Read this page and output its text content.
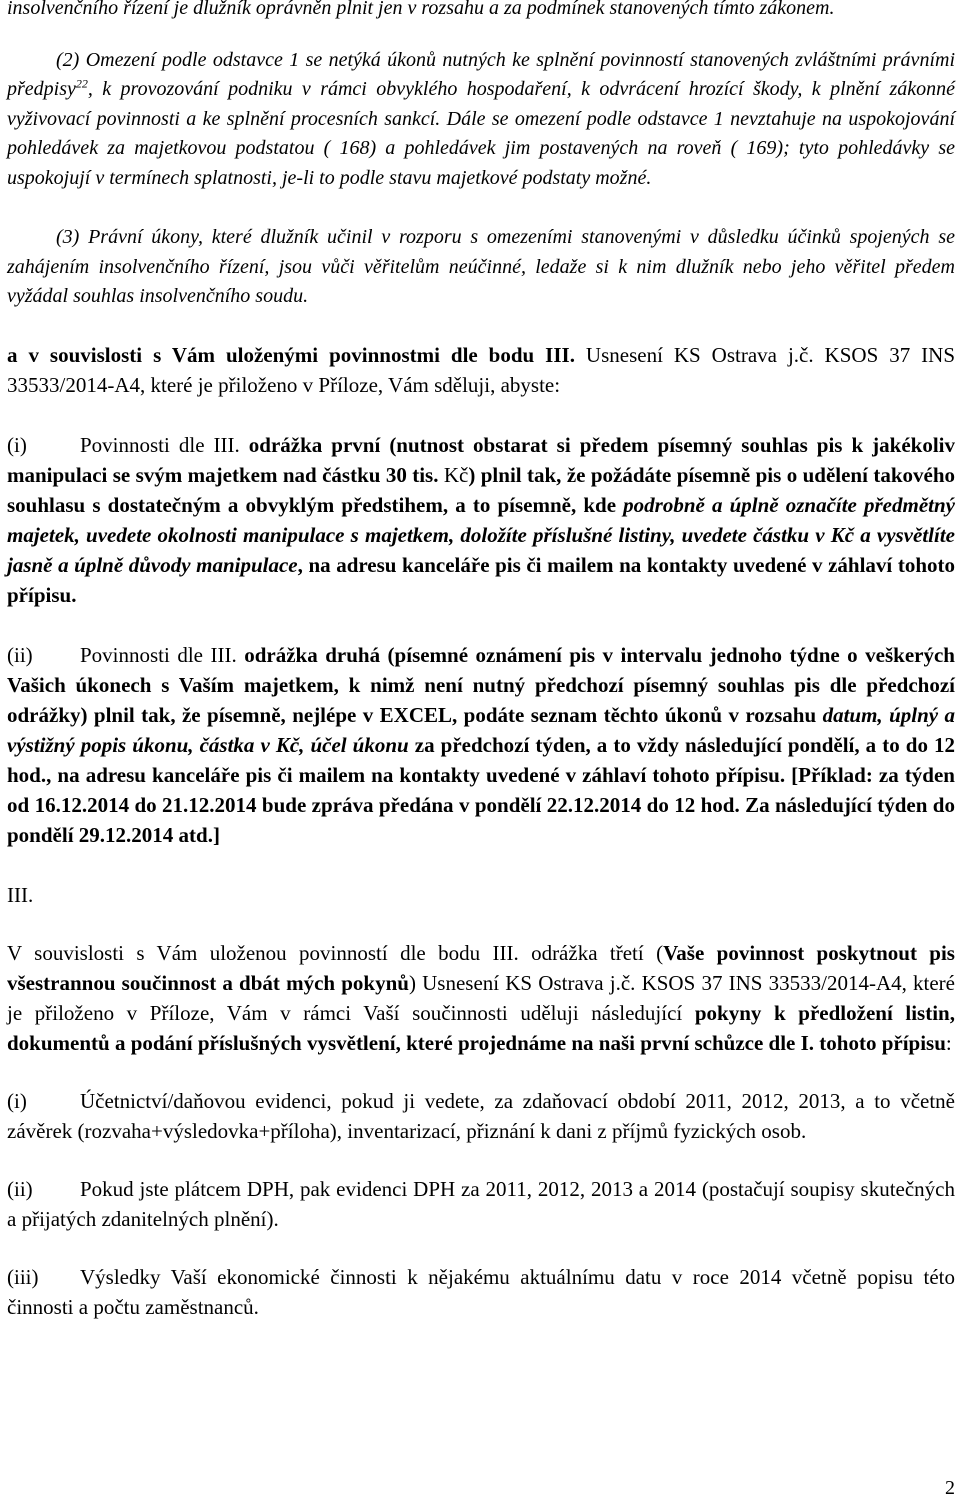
insolvenčního řízení je dlužník oprávněn plnit jen v rozsahu a za podmínek stanovených tímto zákonem.

(2) Omezení podle odstavce 1 se netýká úkonů nutných ke splnění povinností stanovených zvláštními právními předpisy$^{22}$, k provozování podniku v rámci obvyklého hospodaření, k odvrácení hrozící škody, k plnění zákonné vyživovací povinnosti a ke splnění procesních sankcí. Dále se omezení podle odstavce 1 nevztahuje na uspokojování pohledávek za majetkovou podstatou ( 168) a pohledávek jim postavených na roveň ( 169); tyto pohledávky se uspokojují v termínech splatnosti, je-li to podle stavu majetkové podstaty možné.

(3) Právní úkony, které dlužník učinil v rozporu s omezeními stanovenými v důsledku účinků spojených se zahájením insolvenčního řízení, jsou vůči věřitelům neúčinné, ledaže si k nim dlužník nebo jeho věřitel předem vyžádal souhlas insolvenčního soudu.

a v souvislosti s Vám uloženými povinnostmi dle bodu III. Usnesení KS Ostrava j.č. KSOS 37 INS 33533/2014-A4, které je přiloženo v Příloze, Vám sděluji, abyste:

(i)	Povinnosti dle III. odrážka první (nutnost obstarat si předem písemný souhlas pis k jakékoliv manipulaci se svým majetkem nad částku 30 tis. Kč) plnil tak, že požádáte písemně pis o udělení takového souhlasu s dostatečným a obvyklým předstihem, a to písemně, kde podrobně a úplně označíte předmětný majetek, uvedete okolnosti manipulace s majetkem, doložíte příslušné listiny, uvedete částku v Kč a vysvětlíte jasně a úplně důvody manipulace, na adresu kanceláře pis či mailem na kontakty uvedené v záhlaví tohoto přípisu.

(ii) Povinnosti dle III. odrážka druhá (písemné oznámení pis v intervalu jednoho týdne o veškerých Vašich úkonech s Vaším majetkem, k nimž není nutný předchozí písemný souhlas pis dle předchozí odrážky) plnil tak, že písemně, nejlépe v EXCEL, podáte seznam těchto úkonů v rozsahu datum, úplný a výstižný popis úkonu, částka v Kč, účel úkonu za předchozí týden, a to vždy následující pondělí, a to do 12 hod., na adresu kanceláře pis či mailem na kontakty uvedené v záhlaví tohoto přípisu. [Příklad: za týden od 16.12.2014 do 21.12.2014 bude zpráva předána v pondělí 22.12.2014 do 12 hod. Za následující týden do pondělí 29.12.2014 atd.]

III.

V souvislosti s Vám uloženou povinností dle bodu III. odrážka třetí (Vaše povinnost poskytnout pis všestrannou součinnost a dbát mých pokynů) Usnesení KS Ostrava j.č. KSOS 37 INS 33533/2014-A4, které je přiloženo v Příloze, Vám v rámci Vaší součinnosti uděluji následující pokyny k předložení listin, dokumentů a podání příslušných vysvětlení, které projednáme na naši první schůzce dle I. tohoto přípisu:

(i)	Účetnictví/daňovou evidenci, pokud ji vedete, za zdaňovací období 2011, 2012, 2013, a to včetně závěrek (rozvaha+výsledovka+příloha), inventarizací, přiznání k dani z příjmů fyzických osob.

(ii) Pokud jste plátcem DPH, pak evidenci DPH za 2011, 2012, 2013 a 2014 (postačují soupisy skutečných a přijatých zdanitelných plnění).

(iii) Výsledky Vaší ekonomické činnosti k nějakému aktuálnímu datu v roce 2014 včetně popisu této činnosti a počtu zaměstnanců.

2
